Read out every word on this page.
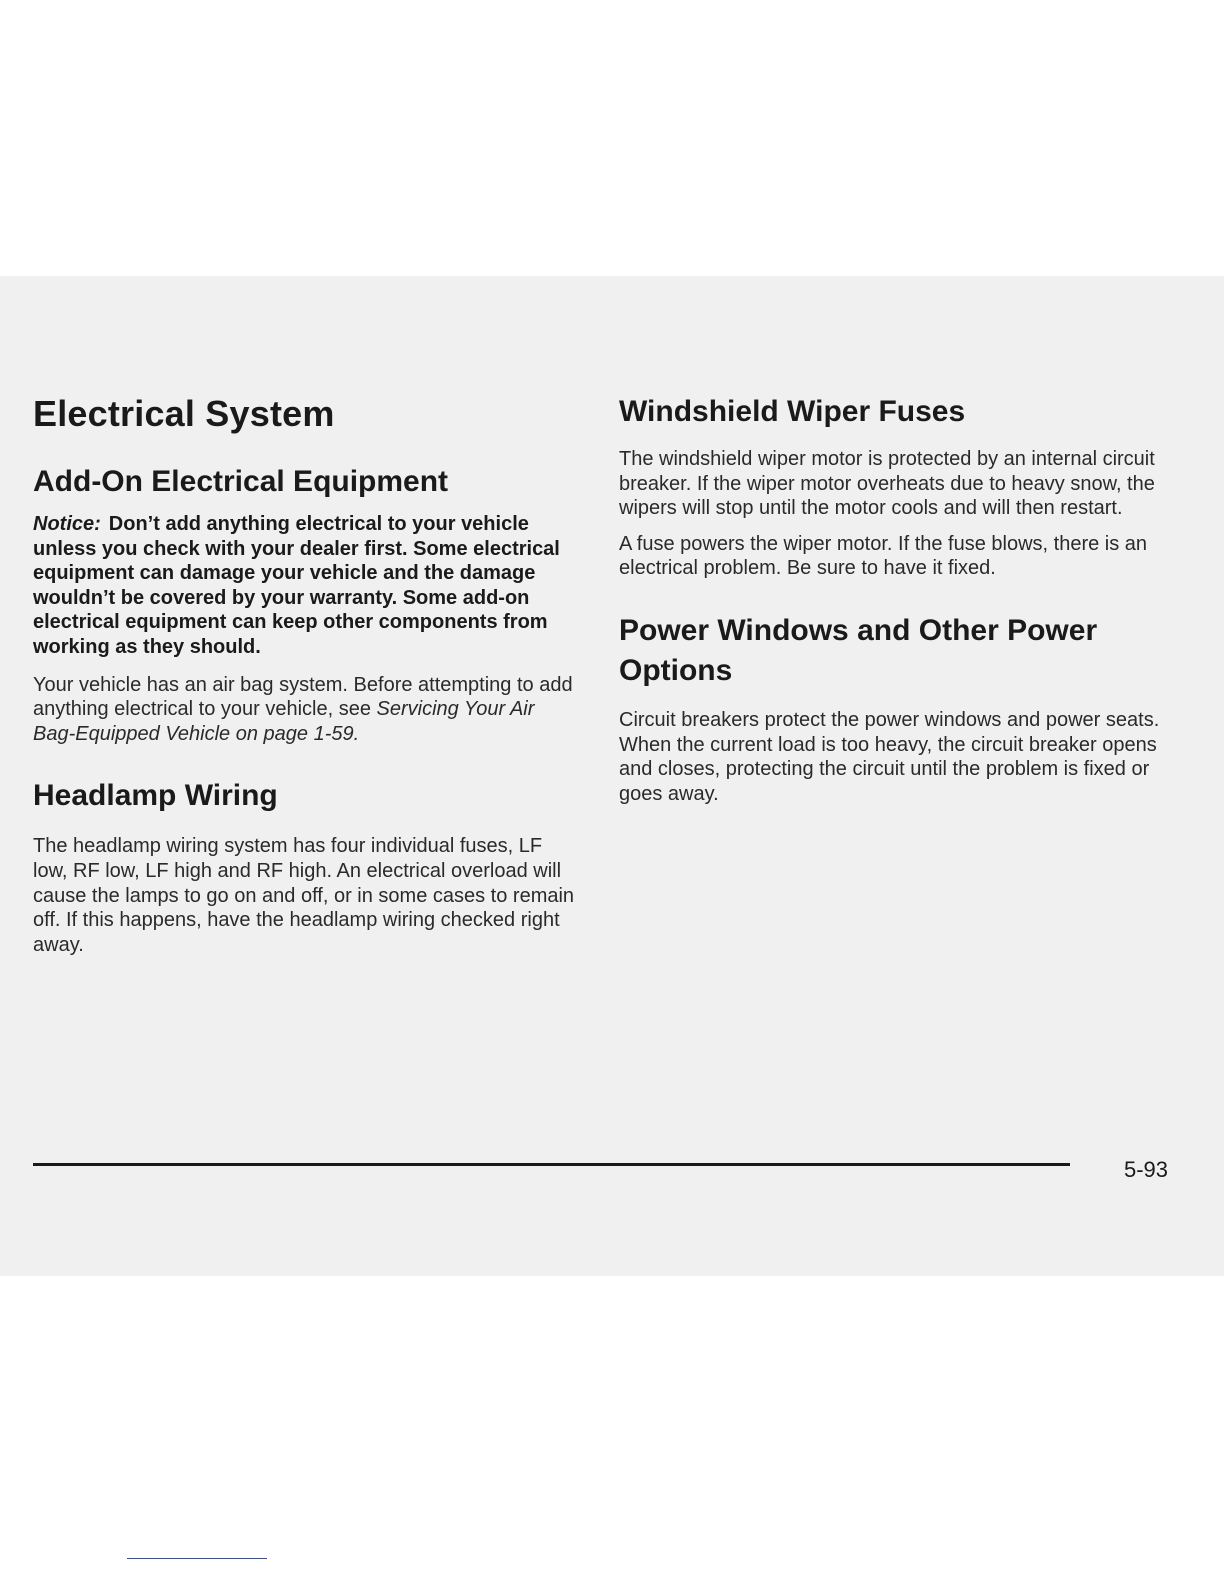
Electrical System
Add-On Electrical Equipment

Notice: Don’t add anything electrical to your vehicle unless you check with your dealer first. Some electrical equipment can damage your vehicle and the damage wouldn’t be covered by your warranty. Some add-on electrical equipment can keep other components from working as they should.

Your vehicle has an air bag system. Before attempting to add anything electrical to your vehicle, see Servicing Your Air Bag-Equipped Vehicle on page 1-59.

Headlamp Wiring

The headlamp wiring system has four individual fuses, LF low, RF low, LF high and RF high. An electrical overload will cause the lamps to go on and off, or in some cases to remain off. If this happens, have the headlamp wiring checked right away.

Windshield Wiper Fuses

The windshield wiper motor is protected by an internal circuit breaker. If the wiper motor overheats due to heavy snow, the wipers will stop until the motor cools and will then restart.

A fuse powers the wiper motor. If the fuse blows, there is an electrical problem. Be sure to have it fixed.

Power Windows and Other Power Options

Circuit breakers protect the power windows and power seats. When the current load is too heavy, the circuit breaker opens and closes, protecting the circuit until the problem is fixed or goes away.

5-93
